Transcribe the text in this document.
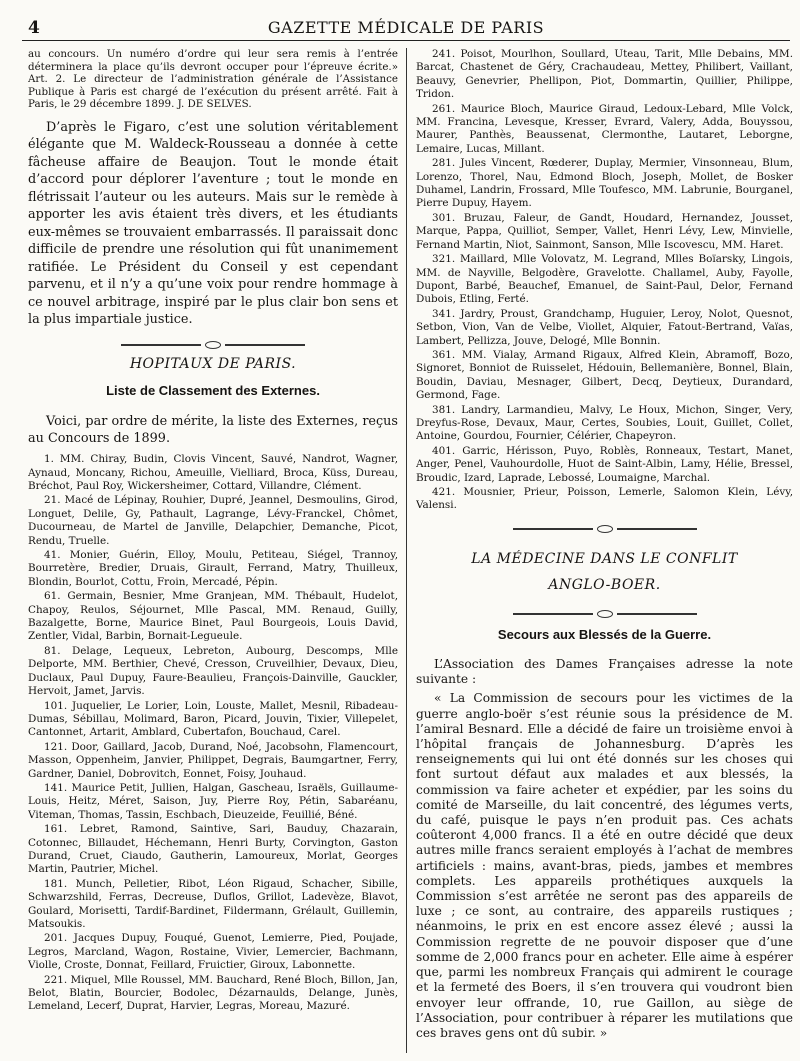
4	GAZETTE MÉDICALE DE PARIS

au concours. Un numéro d’ordre qui leur sera remis à l’entrée déterminera la place qu’ils devront occuper pour l’épreuve écrite.» Art. 2. Le directeur de l’administration générale de l’Assistance Publique à Paris est chargé de l’exécution du présent arrêté. Fait à Paris, le 29 décembre 1899. J. DE SELVES.

D’après le Figaro, c’est une solution véritablement élégante que M. Waldeck-Rousseau a donnée à cette fâcheuse affaire de Beaujon. Tout le monde était d’accord pour déplorer l’aventure ; tout le monde en flétrissait l’auteur ou les auteurs. Mais sur le remède à apporter les avis étaient très divers, et les étudiants eux-mêmes se trouvaient embarrassés. Il paraissait donc difficile de prendre une résolution qui fût unanimement ratifiée. Le Président du Conseil y est cependant parvenu, et il n’y a qu’une voix pour rendre hommage à ce nouvel arbitrage, inspiré par le plus clair bon sens et la plus impartiale justice.

HOPITAUX DE PARIS.
Liste de Classement des Externes.

Voici, par ordre de mérite, la liste des Externes, reçus au Concours de 1899.

1. MM. Chiray, Budin, Clovis Vincent, Sauvé, Nandrot, Wagner, Aynaud, Moncany, Richou, Ameuille, Vielliard, Broca, Küss, Dureau, Bréchot, Paul Roy, Wickersheimer, Cottard, Villandre, Clément.

21. Macé de Lépinay, Rouhier, Dupré, Jeannel, Desmoulins, Girod, Longuet, Delile, Gy, Pathault, Lagrange, Lévy-Franckel, Chômet, Ducourneau, de Martel de Janville, Delapchier, Demanche, Picot, Rendu, Truelle.

41. Monier, Guérin, Elloy, Moulu, Petiteau, Siégel, Trannoy, Bourretère, Bredier, Druais, Girault, Ferrand, Matry, Thuilleux, Blondin, Bourlot, Cottu, Froin, Mercadé, Pépin.

61. Germain, Besnier, Mme Granjean, MM. Thébault, Hudelot, Chapoy, Reulos, Séjournet, Mlle Pascal, MM. Renaud, Guilly, Bazalgette, Borne, Maurice Binet, Paul Bourgeois, Louis David, Zentler, Vidal, Barbin, Bornait-Legueule.

81. Delage, Lequeux, Lebreton, Aubourg, Descomps, Mlle Delporte, MM. Berthier, Chevé, Cresson, Cruveilhier, Devaux, Dieu, Duclaux, Paul Dupuy, Faure-Beaulieu, François-Dainville, Gauckler, Hervoit, Jamet, Jarvis.

101. Juquelier, Le Lorier, Loin, Louste, Mallet, Mesnil, Ribadeau-Dumas, Sébillau, Molimard, Baron, Picard, Jouvin, Tixier, Villepelet, Cantonnet, Artarit, Amblard, Cubertafon, Bouchaud, Carel.

121. Door, Gaillard, Jacob, Durand, Noé, Jacobsohn, Flamencourt, Masson, Oppenheim, Janvier, Philippet, Degrais, Baumgartner, Ferry, Gardner, Daniel, Dobrovitch, Eonnet, Foisy, Jouhaud.

141. Maurice Petit, Jullien, Halgan, Gascheau, Israëls, Guillaume-Louis, Heitz, Méret, Saison, Juy, Pierre Roy, Pétin, Sabaréanu, Viteman, Thomas, Tassin, Eschbach, Dieuzeide, Feuillié, Béné.

161. Lebret, Ramond, Saintive, Sari, Bauduy, Chazarain, Cotonnec, Billaudet, Héchemann, Henri Burty, Corvington, Gaston Durand, Cruet, Ciaudo, Gautherin, Lamoureux, Morlat, Georges Martin, Pautrier, Michel.

181. Munch, Pelletier, Ribot, Léon Rigaud, Schacher, Sibille, Schwarzshild, Ferras, Decreuse, Duflos, Grillot, Ladevèze, Blavot, Goulard, Morisetti, Tardif-Bardinet, Fildermann, Grélault, Guillemin, Matsoukis.

201. Jacques Dupuy, Fouqué, Guenot, Lemierre, Pied, Poujade, Legros, Marcland, Wagon, Rostaine, Vivier, Lemercier, Bachmann, Violle, Croste, Donnat, Feillard, Fruictier, Giroux, Labonnette.

221. Miquel, Mlle Roussel, MM. Bauchard, René Bloch, Billon, Jan, Belot, Blatin, Bourcier, Bodolec, Dézarnaulds, Delange, Junès, Lemeland, Lecerf, Duprat, Harvier, Legras, Moreau, Mazuré.

241. Poisot, Mourlhon, Soullard, Uteau, Tarit, Mlle Debains, MM. Barcat, Chastenet de Géry, Crachaudeau, Mettey, Philibert, Vaillant, Beauvy, Genevrier, Phellipon, Piot, Dommartin, Quillier, Philippe, Tridon.

261. Maurice Bloch, Maurice Giraud, Ledoux-Lebard, Mlle Volck, MM. Francina, Levesque, Kresser, Evrard, Valery, Adda, Bouyssou, Maurer, Panthès, Beaussenat, Clermonthe, Lautaret, Leborgne, Lemaire, Lucas, Millant.

281. Jules Vincent, Rœderer, Duplay, Mermier, Vinsonneau, Blum, Lorenzo, Thorel, Nau, Edmond Bloch, Joseph, Mollet, de Bosker Duhamel, Landrin, Frossard, Mlle Toufesco, MM. Labrunie, Bourganel, Pierre Dupuy, Hayem.

301. Bruzau, Faleur, de Gandt, Houdard, Hernandez, Jousset, Marque, Pappa, Quilliot, Semper, Vallet, Henri Lévy, Lew, Minvielle, Fernand Martin, Niot, Sainmont, Sanson, Mlle Iscovescu, MM. Haret.

321. Maillard, Mlle Volovatz, M. Legrand, Mlles Boïarsky, Lingois, MM. de Nayville, Belgodère, Gravelotte. Challamel, Auby, Fayolle, Dupont, Barbé, Beauchef, Emanuel, de Saint-Paul, Delor, Fernand Dubois, Etling, Ferté.

341. Jardry, Proust, Grandchamp, Huguier, Leroy, Nolot, Quesnot, Setbon, Vion, Van de Velbe, Viollet, Alquier, Fatout-Bertrand, Vaïas, Lambert, Pellizza, Jouve, Delogé, Mlle Bonnin.

361. MM. Vialay, Armand Rigaux, Alfred Klein, Abramoff, Bozo, Signoret, Bonniot de Ruisselet, Hédouin, Bellemanière, Bonnel, Blain, Boudin, Daviau, Mesnager, Gilbert, Decq, Deytieux, Durandard, Germond, Fage.

381. Landry, Larmandieu, Malvy, Le Houx, Michon, Singer, Very, Dreyfus-Rose, Devaux, Maur, Certes, Soubies, Louit, Guillet, Collet, Antoine, Gourdou, Fournier, Célérier, Chapeyron.

401. Garric, Hérisson, Puyo, Roblès, Ronneaux, Testart, Manet, Anger, Penel, Vauhourdolle, Huot de Saint-Albin, Lamy, Hélie, Bressel, Broudic, Izard, Laprade, Lebossé, Loumaigne, Marchal.

421. Mousnier, Prieur, Poisson, Lemerle, Salomon Klein, Lévy, Valensi.

LA MÉDECINE DANS LE CONFLIT
ANGLO-BOER.
Secours aux Blessés de la Guerre.

L’Association des Dames Françaises adresse la note suivante :

« La Commission de secours pour les victimes de la guerre anglo-boër s’est réunie sous la présidence de M. l’amiral Besnard. Elle a décidé de faire un troisième envoi à l’hôpital français de Johannesburg. D’après les renseignements qui lui ont été donnés sur les choses qui font surtout défaut aux malades et aux blessés, la commission va faire acheter et expédier, par les soins du comité de Marseille, du lait concentré, des légumes verts, du café, puisque le pays n’en produit pas. Ces achats coûteront 4,000 francs. Il a été en outre décidé que deux autres mille francs seraient employés à l’achat de membres artificiels : mains, avant-bras, pieds, jambes et membres complets. Les appareils prothétiques auxquels la Commission s’est arrêtée ne seront pas des appareils de luxe ; ce sont, au contraire, des appareils rustiques ; néanmoins, le prix en est encore assez élevé ; aussi la Commission regrette de ne pouvoir disposer que d’une somme de 2,000 francs pour en acheter. Elle aime à espérer que, parmi les nombreux Français qui admirent le courage et la fermeté des Boers, il s’en trouvera qui voudront bien envoyer leur offrande, 10, rue Gaillon, au siège de l’Association, pour contribuer à réparer les mutilations que ces braves gens ont dû subir. »
